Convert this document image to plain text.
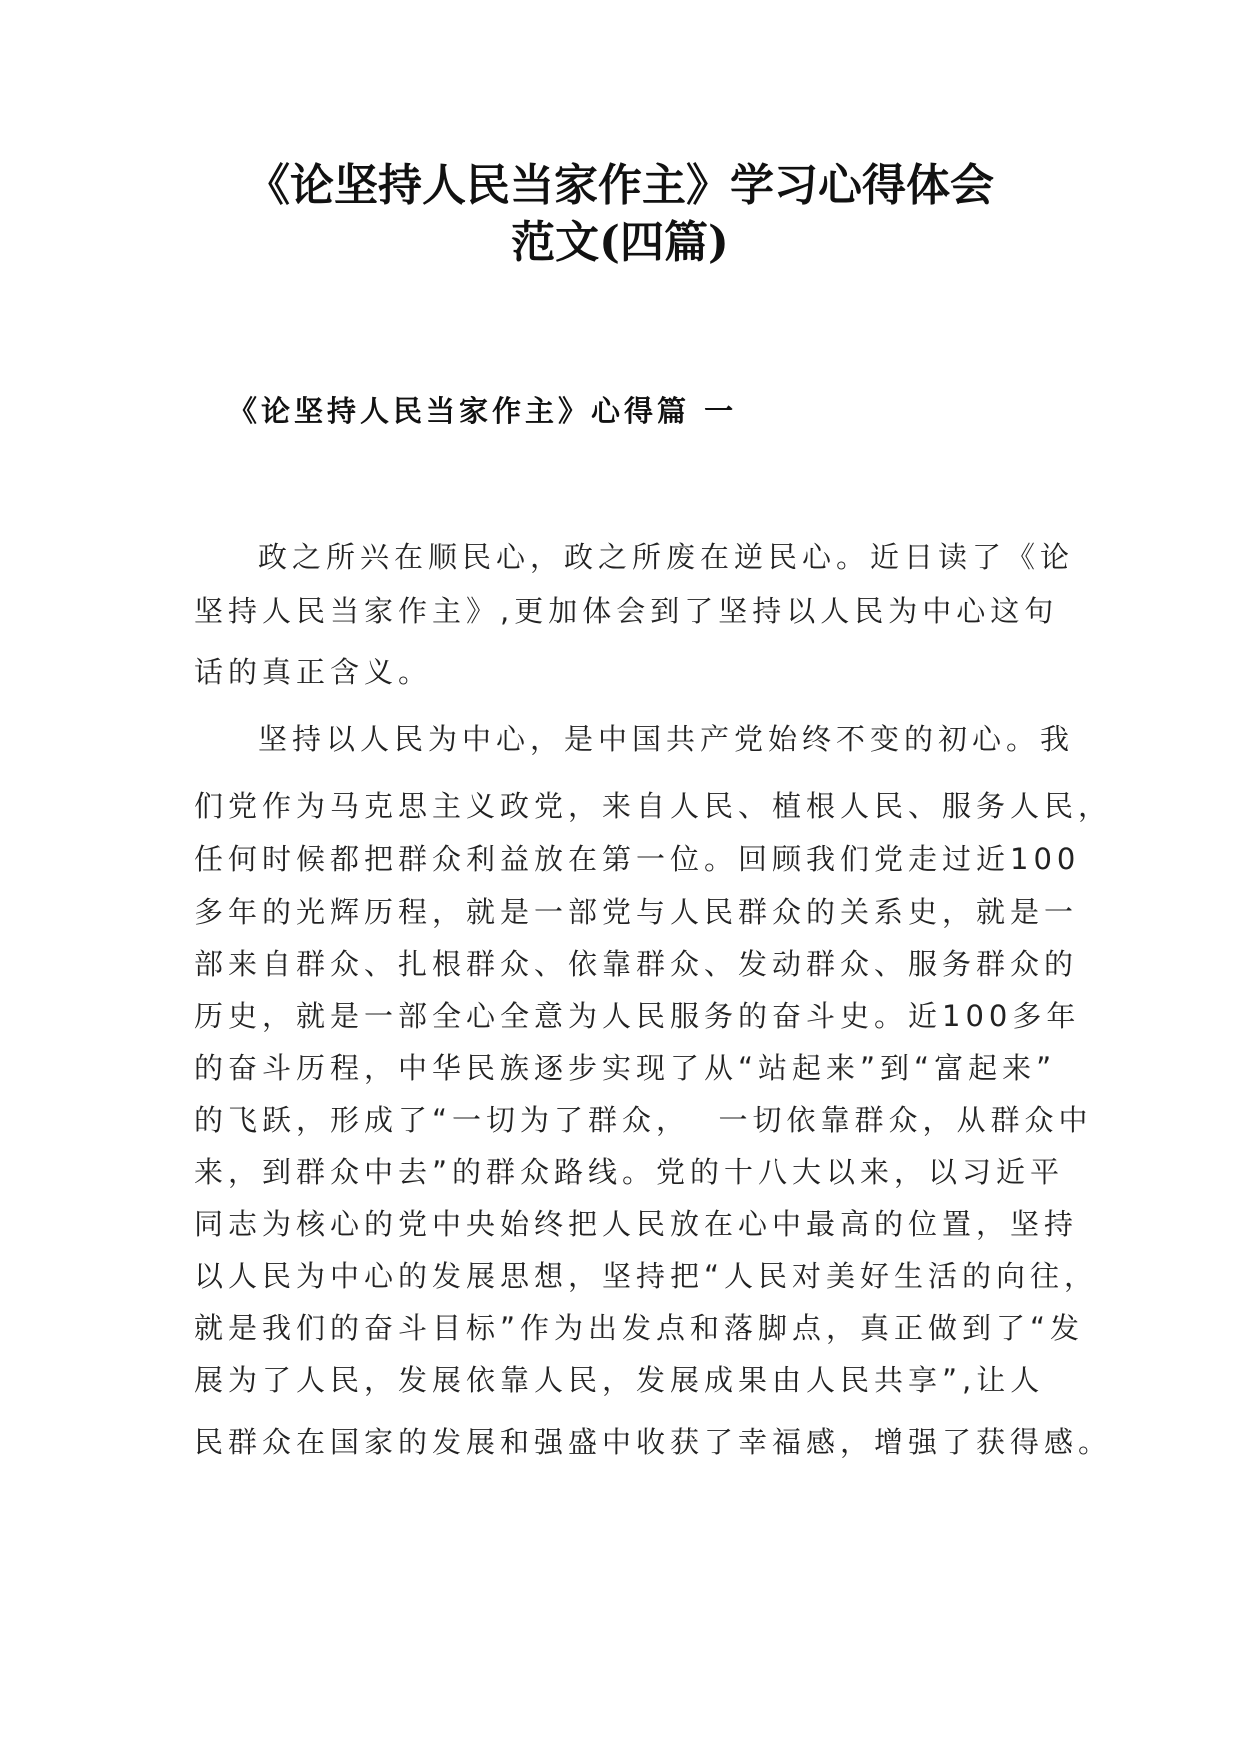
《论坚持人民当家作主》学习心得体会
范文(四篇)
《论坚持人民当家作主》心得篇 一
政之所兴在顺民心，政之所废在逆民心。近日读了《论
坚持人民当家作主》,更加体会到了坚持以人民为中心这句
话的真正含义。
坚持以人民为中心，是中国共产党始终不变的初心。我
们党作为马克思主义政党，来自人民、植根人民、服务人民，
任何时候都把群众利益放在第一位。回顾我们党走过近100
多年的光辉历程，就是一部党与人民群众的关系史，就是一
部来自群众、扎根群众、依靠群众、发动群众、服务群众的
历史，就是一部全心全意为人民服务的奋斗史。近100多年
的奋斗历程，中华民族逐步实现了从“站起来”到“富起来”
的飞跃，形成了“一切为了群众，  一切依靠群众，从群众中
来，到群众中去”的群众路线。党的十八大以来，以习近平
同志为核心的党中央始终把人民放在心中最高的位置，坚持
以人民为中心的发展思想，坚持把“人民对美好生活的向往，
就是我们的奋斗目标”作为出发点和落脚点，真正做到了“发
展为了人民，发展依靠人民，发展成果由人民共享”,让人
民群众在国家的发展和强盛中收获了幸福感，增强了获得感。
